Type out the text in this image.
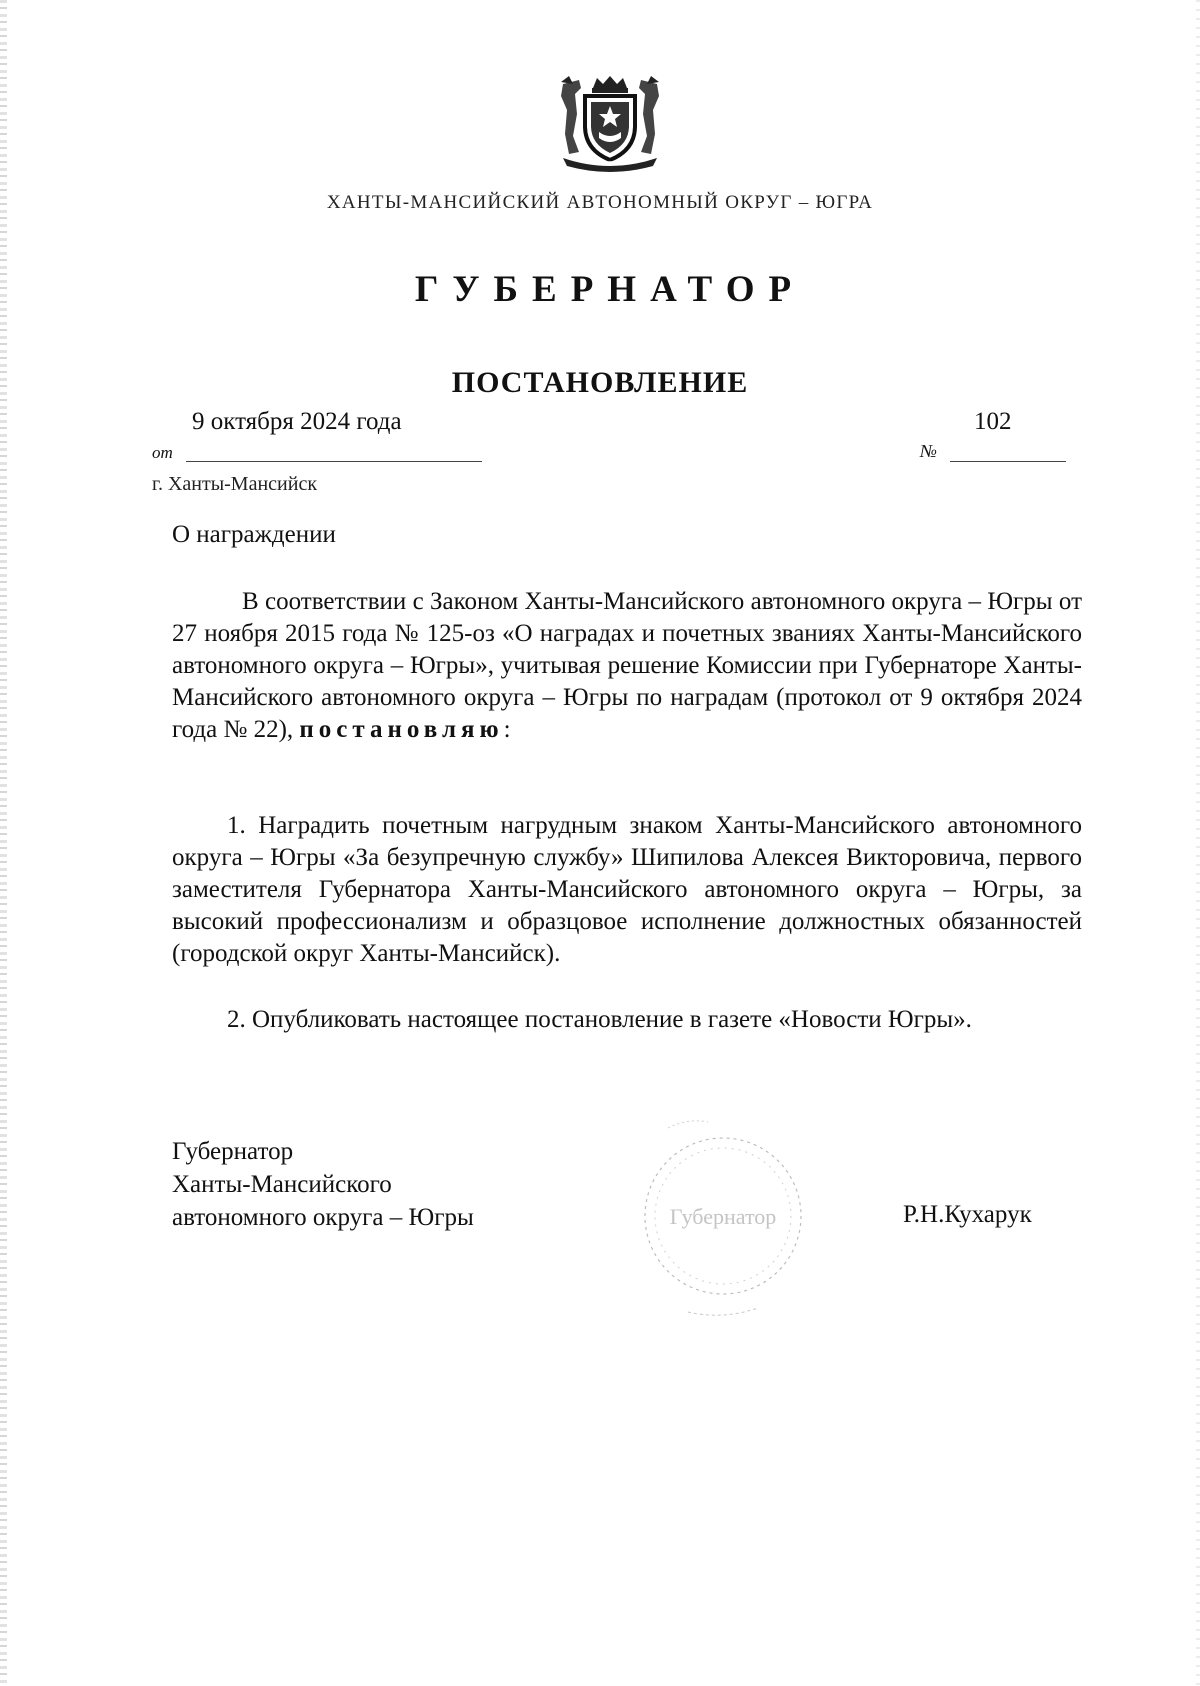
ХАНТЫ-МАНСИЙСКИЙ АВТОНОМНЫЙ ОКРУГ – ЮГРА
ГУБЕРНАТОР
ПОСТАНОВЛЕНИЕ
9 октября 2024 года	102
от	№
г. Ханты-Мансийск
О награждении
В соответствии с Законом Ханты-Мансийского автономного округа – Югры от 27 ноября 2015 года № 125-оз «О наградах и почетных званиях Ханты-Мансийского автономного округа – Югры», учитывая решение Комиссии при Губернаторе Ханты-Мансийского автономного округа – Югры по наградам (протокол от 9 октября 2024 года № 22), постановляю:
1. Наградить почетным нагрудным знаком Ханты-Мансийского автономного округа – Югры «За безупречную службу» Шипилова Алексея Викторовича, первого заместителя Губернатора Ханты-Мансийского автономного округа – Югры, за высокий профессионализм и образцовое исполнение должностных обязанностей (городской округ Ханты-Мансийск).
2. Опубликовать настоящее постановление в газете «Новости Югры».
Губернатор
Ханты-Мансийского
автономного округа – Югры	Губернатор	Р.Н.Кухарук
